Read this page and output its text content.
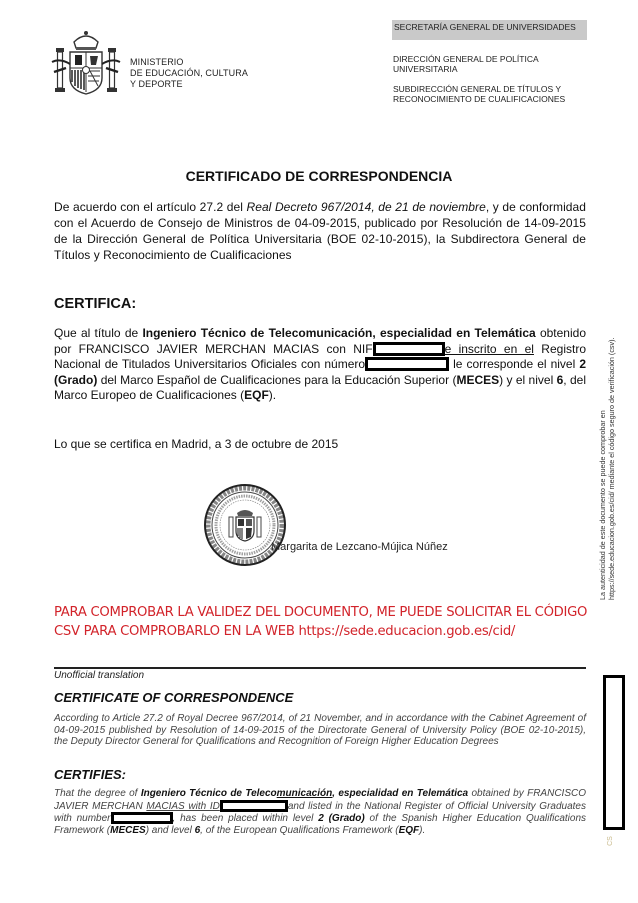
MINISTERIO
DE EDUCACIÓN, CULTURA
Y DEPORTE
SECRETARÍA GENERAL DE UNIVERSIDADES
DIRECCIÓN GENERAL DE POLÍTICA
UNIVERSITARIA
SUBDIRECCIÓN GENERAL DE TÍTULOS Y
RECONOCIMIENTO DE CUALIFICACIONES
CERTIFICADO DE CORRESPONDENCIA

De acuerdo con el artículo 27.2 del Real Decreto 967/2014, de 21 de noviembre, y de conformidad con el Acuerdo de Consejo de Ministros de 04-09-2015, publicado por Resolución de 14-09-2015 de la Dirección General de Política Universitaria (BOE 02-10-2015), la Subdirectora General de Títulos y Reconocimiento de Cualificaciones

CERTIFICA:

Que al título de Ingeniero Técnico de Telecomunicación, especialidad en Telemática obtenido por FRANCISCO JAVIER MERCHAN MACIAS con NIF	e inscrito en el Registro Nacional de Titulados Universitarios Oficiales con número	le corresponde el nivel 2 (Grado) del Marco Español de Cualificaciones para la Educación Superior (MECES) y el nivel 6, del Marco Europeo de Cualificaciones (EQF).

Lo que se certifica en Madrid, a 3 de octubre de 2015
Margarita de Lezcano-Mújica Núñez
PARA COMPROBAR LA VALIDEZ DEL DOCUMENTO, ME PUEDE SOLICITAR EL CÓDIGO
CSV PARA COMPROBARLO EN LA WEB https://sede.educacion.gob.es/cid/
Unofficial translation
CERTIFICATE OF CORRESPONDENCE

According to Article 27.2 of Royal Decree 967/2014, of 21 November, and in accordance with the Cabinet Agreement of 04-09-2015 published by Resolution of 14-09-2015 of the Directorate General of University Policy (BOE 02-10-2015), the Deputy Director General for Qualifications and Recognition of Foreign Higher Education Degrees

CERTIFIES:

That the degree of Ingeniero Técnico de Telecomunicación, especialidad en Telemática obtained by FRANCISCO JAVIER MERCHAN MACIAS with ID	and listed in the National Register of Official University Graduates with number	, has been placed within level 2 (Grado) of the Spanish Higher Education Qualifications Framework (MECES) and level 6, of the European Qualifications Framework (EQF).

La autenticidad de este documento se puede comprobar en https://sede.educacion.gob.es/cid/ mediante el código seguro de verificación (csv).
CS
